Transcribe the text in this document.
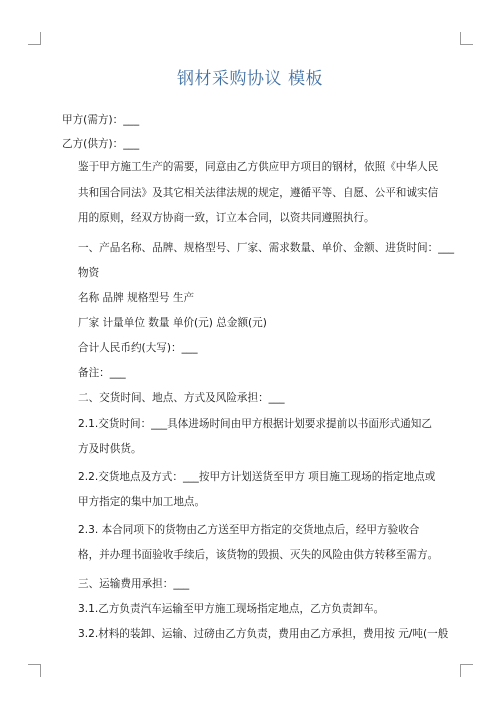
钢材采购协议 模板

甲方(需方)：___

乙方(供方)：___

鉴于甲方施工生产的需要，同意由乙方供应甲方项目的钢材，依照《中华人民共和国合同法》及其它相关法律法规的规定，遵循平等、自愿、公平和诚实信用的原则，经双方协商一致，订立本合同，以资共同遵照执行。

一、产品名称、品牌、规格型号、厂家、需求数量、单价、金额、进货时间：___

物资

名称 品牌 规格型号 生产

厂家 计量单位 数量 单价(元) 总金额(元)

合计人民币约(大写)：___

备注：___

二、交货时间、地点、方式及风险承担：___

2.1.交货时间：___具体进场时间由甲方根据计划要求提前以书面形式通知乙方及时供货。

2.2.交货地点及方式：___按甲方计划送货至甲方 项目施工现场的指定地点或甲方指定的集中加工地点。

2.3. 本合同项下的货物由乙方送至甲方指定的交货地点后，经甲方验收合格，并办理书面验收手续后，该货物的毁损、灭失的风险由供方转移至需方。

三、运输费用承担：___

3.1.乙方负责汽车运输至甲方施工现场指定地点，乙方负责卸车。

3.2.材料的装卸、运输、过磅由乙方负责，费用由乙方承担，费用按 元/吨(一般
